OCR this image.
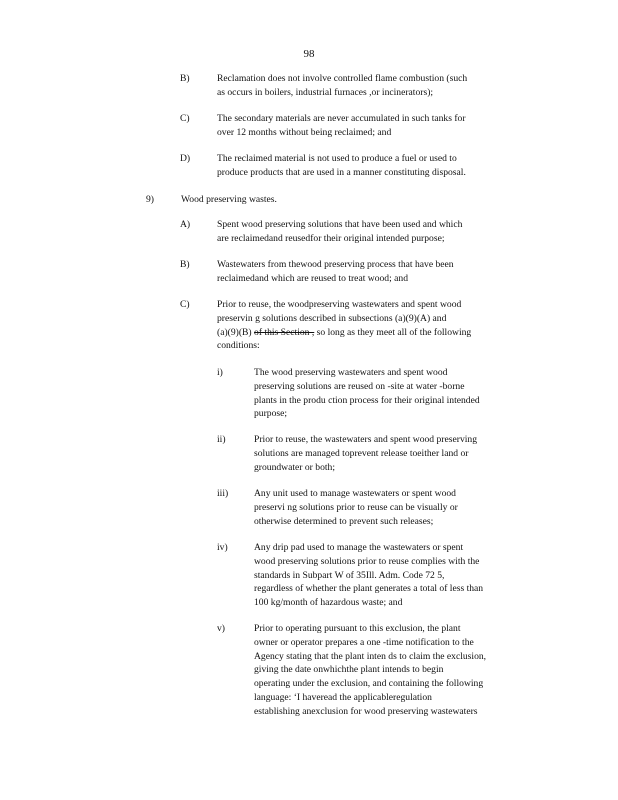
98
B)	Reclamation does not involve controlled flame combustion (such
as occurs in boilers, industrial furnaces ,or incinerators);
C)	The secondary materials are never accumulated in such tanks for
over 12 months without being reclaimed; and
D)	The reclaimed material is not used to produce a fuel or used to
produce products that are used in a manner constituting disposal.
9)	Wood preserving wastes.
A)	Spent wood preserving solutions that have been used and which
are reclaimedand reusedfor their original intended purpose;
B)	Wastewaters from thewood preserving process that have been
reclaimedand which are reused to treat wood; and
C)	Prior to reuse, the woodpreserving wastewaters and spent wood
preservin g solutions described in subsections (a)(9)(A) and
(a)(9)(B) of this Section , so long as they meet all of the following
conditions:
i)	The wood preserving wastewaters and spent wood
preserving solutions are reused on -site at water -borne
plants in the produ ction process for their original intended
purpose;
ii)	Prior to reuse, the wastewaters and spent wood preserving
solutions are managed toprevent release toeither land or
groundwater or both;
iii)	Any unit used to manage wastewaters or spent wood
preservi ng solutions prior to reuse can be visually or
otherwise determined to prevent such releases;
iv)	Any drip pad used to manage the wastewaters or spent
wood preserving solutions prior to reuse complies with the
standards in Subpart W of 35Ill. Adm. Code 72 5,
regardless of whether the plant generates a total of less than
100 kg/month of hazardous waste; and
v)	Prior to operating pursuant to this exclusion, the plant
owner or operator prepares a one -time notification to the
Agency stating that the plant inten ds to claim the exclusion,
giving the date onwhichthe plant intends to begin
operating under the exclusion, and containing the following
language: ‘I haveread the applicableregulation
establishing anexclusion for wood preserving wastewaters
